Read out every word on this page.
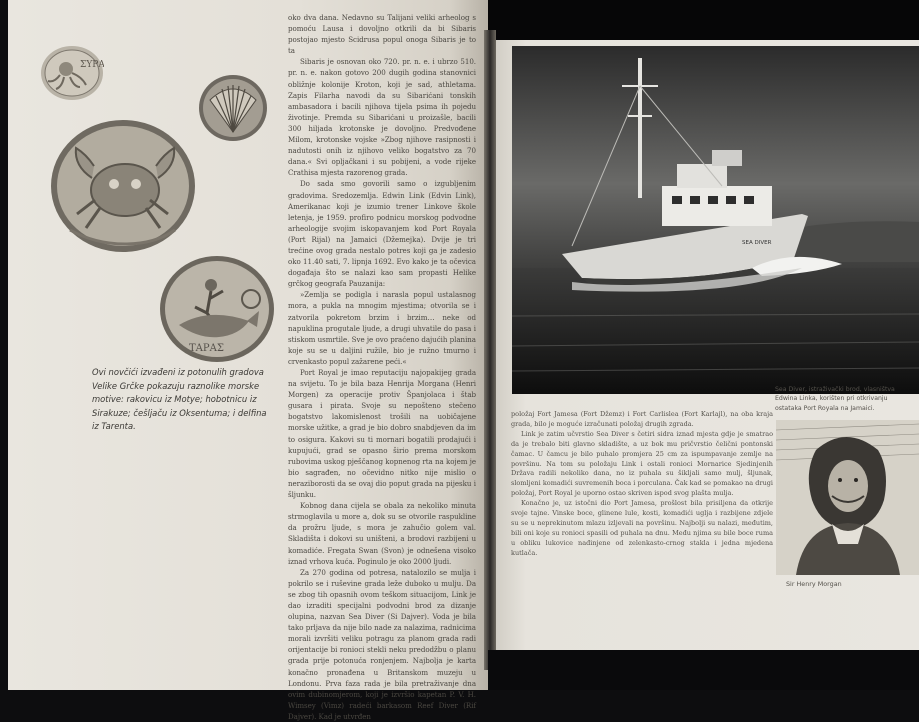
ΣΥΡΑ
ΤΑΡΑΣ
Ovi novčići izvađeni iz potonulih gradova Velike Grčke pokazuju raznolike morske motive: rakovicu iz Motye; hobotnicu iz Sirakuze; češljaču iz Oksentuma; i delfina iz Tarenta.

oko dva dana. Nedavno su Talijani veliki arheolog s pomoću Lausa i dovoljno otkrili da bi Sibaris postojao mjesto Scidrusa popul onoga Sibaris je to ta

Sibaris je osnovan oko 720. pr. n. e. i ubrzo 510. pr. n. e. nakon gotovo 200 dugih godina stanovnici obližnje kolonije Kroton, koji je sad, athletama. Zapis Filarha navodi da su Sibarićani tonskih ambasadora i bacili njihova tijela psima ih pojedu životinje. Premda su Sibarićani u proizašle, bacili 300 hiljada krotonske je dovoljno. Predvođene Milom, krotonske vojske »Zbog njihove rasipnosti i nadutosti onih iz njihovo veliko bogatstvo za 70 dana.« Svi opljačkani i su pobijeni, a vode rijeke Crathisa mjesta razorenog grada.

Do sada smo govorili samo o izgubljenim gradovima. Sredozemlja. Edwin Link (Edvin Link), Amerikanac koji je izumio trener Linkove škole letenja, je 1959. profiro podnicu morskog podvodne arheologije svojim iskopavanjem kod Port Royala (Port Rijal) na Jamaici (Džemejka). Dvije je tri trećine ovog grada nestalo potres koji ga je zadesio oko 11.40 sati, 7. lipnja 1692. Evo kako je ta očevica događaja što se nalazi kao sam propasti Helike grčkog geografa Pauzanija:

»Zemlja se podigla i narasla popul ustalasnog mora, a pukla na mnogim mjestima; otvorila se i zatvorila pokretom brzim i brzim… neke od napuklina progutale ljude, a drugi uhvatile do pasa i stiskom usmrtile. Sve je ovo praćeno dajućih planina koje su se u daljini ružile, bio je ružno tmurno i crvenkasto popul zažarene peći.«

Port Royal je imao reputaciju najopakijeg grada na svijetu. To je bila baza Henrija Morgana (Henri Morgen) za operacije protiv Španjolaca i štab gusara i pirata. Svoje su nepošteno stečeno bogatstvo lakomislenost trošili na uobičajene morske užitke, a grad je bio dobro snabdjeven da im to osigura. Kakovi su ti mornari bogatili prodajući i kupujući, grad se opasno širio prema morskom rubovima uskog pješčanog kopnenog rta na kojem je bio sagrađen, no očevidno nitko nije mislio o neraziborosti da se ovaj dio poput grada na pijesku i šljunku.

Kobnog dana cijela se obala za nekoliko minuta strmoglavila u more a, dok su se otvorile raspukline da prožru ljude, s mora je zahučio golem val. Skladišta i dokovi su uništeni, a brodovi razbijeni u komadiće. Fregata Swan (Svon) je odnešena visoko iznad vrhova kuća. Poginulo je oko 2000 ljudi.

Za 270 godina od potresa, natalozilo se mulja i pokrilo se i ruševine grada leže duboko u mulju. Da se zbog tih opasnih ovom teškom situacijom, Link je dao izraditi specijalni podvodni brod za dizanje olupina, nazvan Sea Diver (Si Dajver). Voda je bila tako prljava da nije bilo nade za nalazima, radnicima morali izvršiti veliku potragu za planom grada radi orijentacije bi ronioci stekli neku predodžbu o planu grada prije potonuća ronjenjem. Najbolja je karta konačno pronađena u Britanskom muzeju u Londonu. Prva faza rada je bila pretraživanje dna ovim dubinomjerom, koji je izvršio kapetan P. V. H. Wimsey (Vimz) radeći barkasom Reef Diver (Rif Dajver). Kad je utvrđen

SEA DIVER
Sea Diver, istraživački brod, vlasništva Edwina Linka, korišten pri otkrivanju ostataka Port Royala na Jamaici.

položaj Fort Jamesa (Fort Džemz) i Fort Carlislea (Fort Karlajl), na oba kraja grada, bilo je moguće izračunati položaj drugih zgrada.

Link je zatim učvrstio Sea Diver s četiri sidra iznad mjesta gdje je smatrao da je trebalo biti glavno skladište, a uz bok mu pričvrstio čelični pontonski čamac. U čamcu je bilo puhalo promjera 25 cm za ispumpavanje zemlje na površinu. Na tom su položaju Link i ostali ronioci Mornarice Sjedinjenih Država radili nekoliko dana, no iz puhala su šikljali samo mulj, šljunak, slomljeni komadići suvremenih boca i porculana. Čak kad se pomakao na drugi položaj, Port Royal je uporno ostao skriven ispod svog plašta mulja.

Konačno je, uz istočni dio Port Jamesa, prošlost bila prisiljena da otkrije svoje tajne. Vinske boce, glinene lule, kosti, komadići uglja i razbijene zdjele su se u neprekinutom mlazu izljevali na površinu. Najbolji su nalazi, međutim, bili oni koje su ronioci spasili od puhala na dnu. Među njima su bile boce ruma u obliku lukovice nađinjene od zelenkasto-crnog stakla i jedna mjedena kutlača.

Sir Henry Morgan
